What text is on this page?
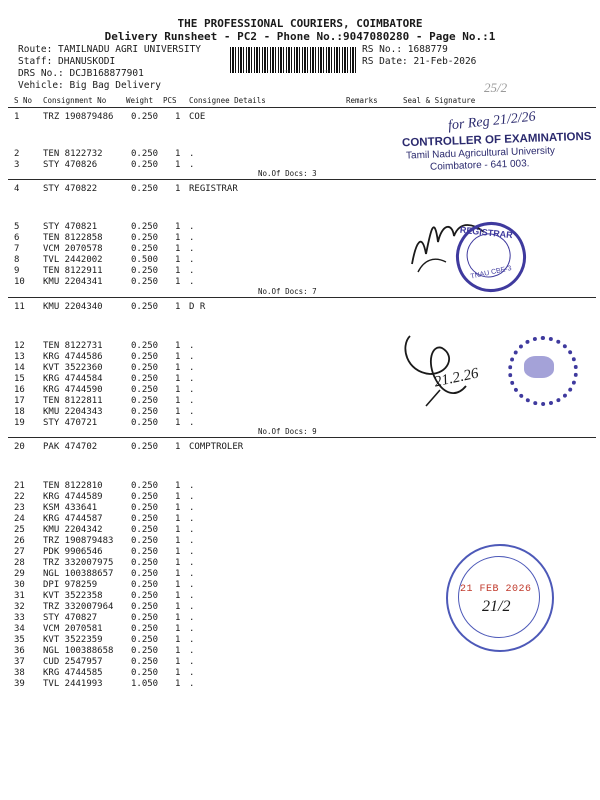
THE PROFESSIONAL COURIERS, COIMBATORE
Delivery Runsheet - PC2 - Phone No.:9047080280 - Page No.:1
Route: TAMILNADU AGRI UNIVERSITY
Staff: DHANUSKODI
DRS No.: DCJB168877901
Vehicle: Big Bag Delivery
RS No.: 1688779
RS Date: 21-Feb-2026
25/2
S No Consignment No	Weight PCS Consignee Details	Remarks	Seal & Signature
1	TRZ 190879486 0.250 1 COE
2	TEN 8122732	0.250 1 .
3	STY 470826	0.250 1 .
4	STY 470822	0.250 1 REGISTRAR
5	STY 470821	0.250 1 .
6	TEN 8122858	0.250 1 .
7	VCM 2070578	0.250 1 .
8	TVL 2442002	0.500 1 .
9	TEN 8122911	0.250 1 .
10 KMU 2204341	0.250 1 .
11 KMU 2204340	0.250 1 D R
12 TEN 8122731	0.250 1 .
13 KRG 4744586	0.250 1 .
14 KVT 3522360	0.250 1 .
15 KRG 4744584	0.250 1 .
16 KRG 4744590	0.250 1 .
17 TEN 8122811	0.250 1 .
18 KMU 2204343	0.250 1 .
19 STY 470721	0.250 1 .
20 PAK 474702	0.250 1 COMPTROLER
21 TEN 8122810	0.250 1 .
22 KRG 4744589	0.250 1 .
23 KSM 433641	0.250 1 .
24 KRG 4744587	0.250 1 .
25 KMU 2204342	0.250 1 .
26 TRZ 190879483 0.250 1 .
27 PDK 9906546	0.250 1 .
28 TRZ 332007975 0.250 1 .
29 NGL 100388657 0.250 1 .
30 DPI 978259	0.250 1 .
31 KVT 3522358	0.250 1 .
32 TRZ 332007964 0.250 1 .
33 STY 470827	0.250 1 .
34 VCM 2070581	0.250 1 .
35 KVT 3522359	0.250 1 .
36 NGL 100388658 0.250 1 .
37 CUD 2547957	0.250 1 .
38 KRG 4744585	0.250 1 .
39 TVL 2441993	1.050 1 .
No.Of Docs: 3
No.Of Docs: 7
No.Of Docs: 9
for Reg 21/2/26
CONTROLLER OF EXAMINATIONS
Tamil Nadu Agricultural University
Coimbatore - 641 003.
REGISTRAR
TNAU CBE-3
21.2.26
21 FEB 2026
21/2
